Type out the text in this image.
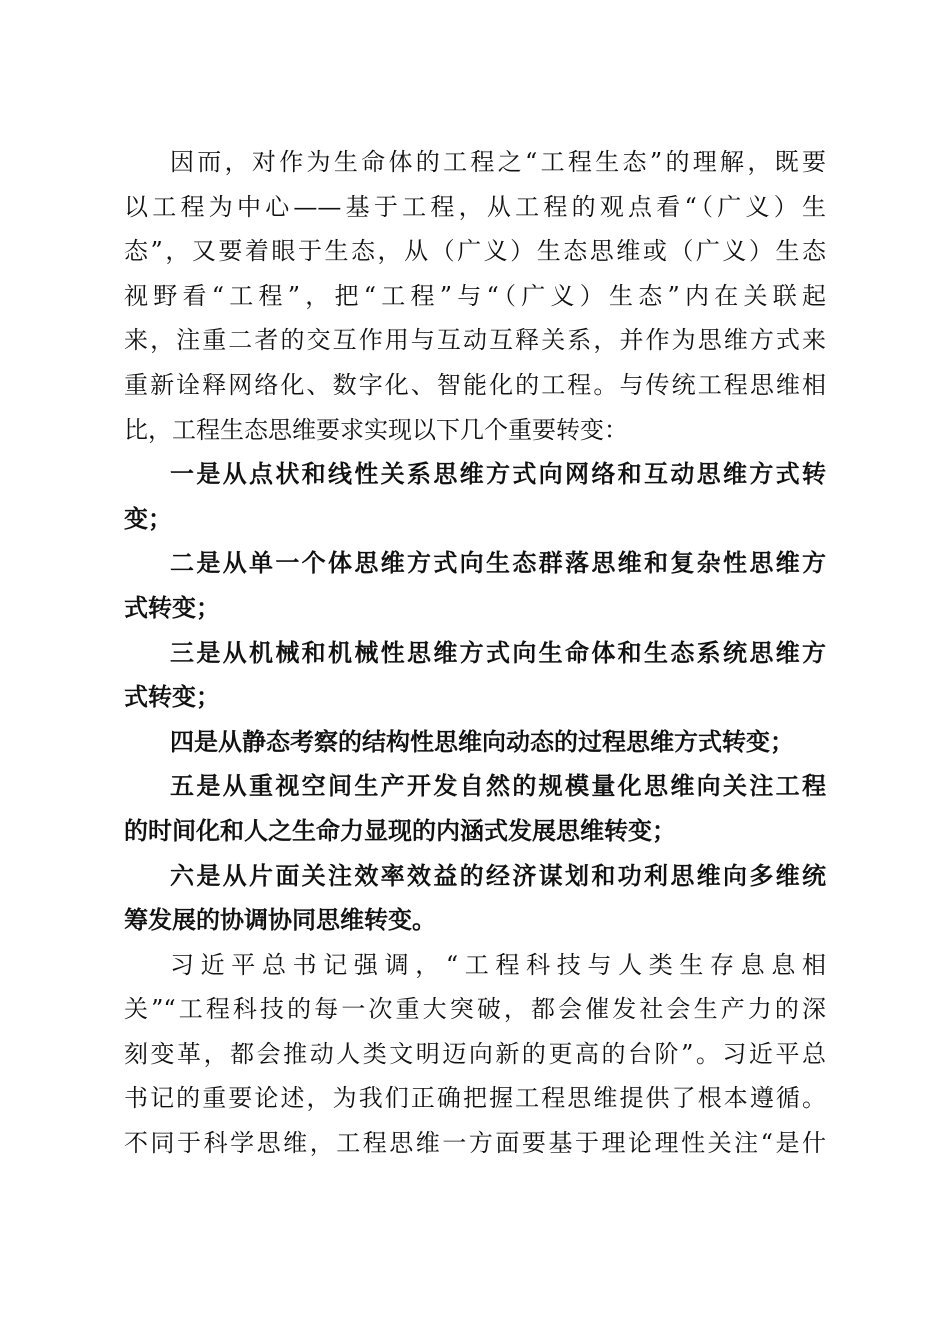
因而，对作为生命体的工程之“工程生态”的理解，既要
以工程为中心——基于工程，从工程的观点看“（广义）生
态”，又要着眼于生态，从（广义）生态思维或（广义）生态
视野看“工程”，把“工程”与“（广义）生态”内在关联起
来，注重二者的交互作用与互动互释关系，并作为思维方式来
重新诠释网络化、数字化、智能化的工程。与传统工程思维相
比，工程生态思维要求实现以下几个重要转变：
一是从点状和线性关系思维方式向网络和互动思维方式转
变；
二是从单一个体思维方式向生态群落思维和复杂性思维方
式转变；
三是从机械和机械性思维方式向生命体和生态系统思维方
式转变；
四是从静态考察的结构性思维向动态的过程思维方式转变；
五是从重视空间生产开发自然的规模量化思维向关注工程
的时间化和人之生命力显现的内涵式发展思维转变；
六是从片面关注效率效益的经济谋划和功利思维向多维统
筹发展的协调协同思维转变。
习近平总书记强调，“工程科技与人类生存息息相
关”“工程科技的每一次重大突破，都会催发社会生产力的深
刻变革，都会推动人类文明迈向新的更高的台阶”。习近平总
书记的重要论述，为我们正确把握工程思维提供了根本遵循。
不同于科学思维，工程思维一方面要基于理论理性关注“是什
